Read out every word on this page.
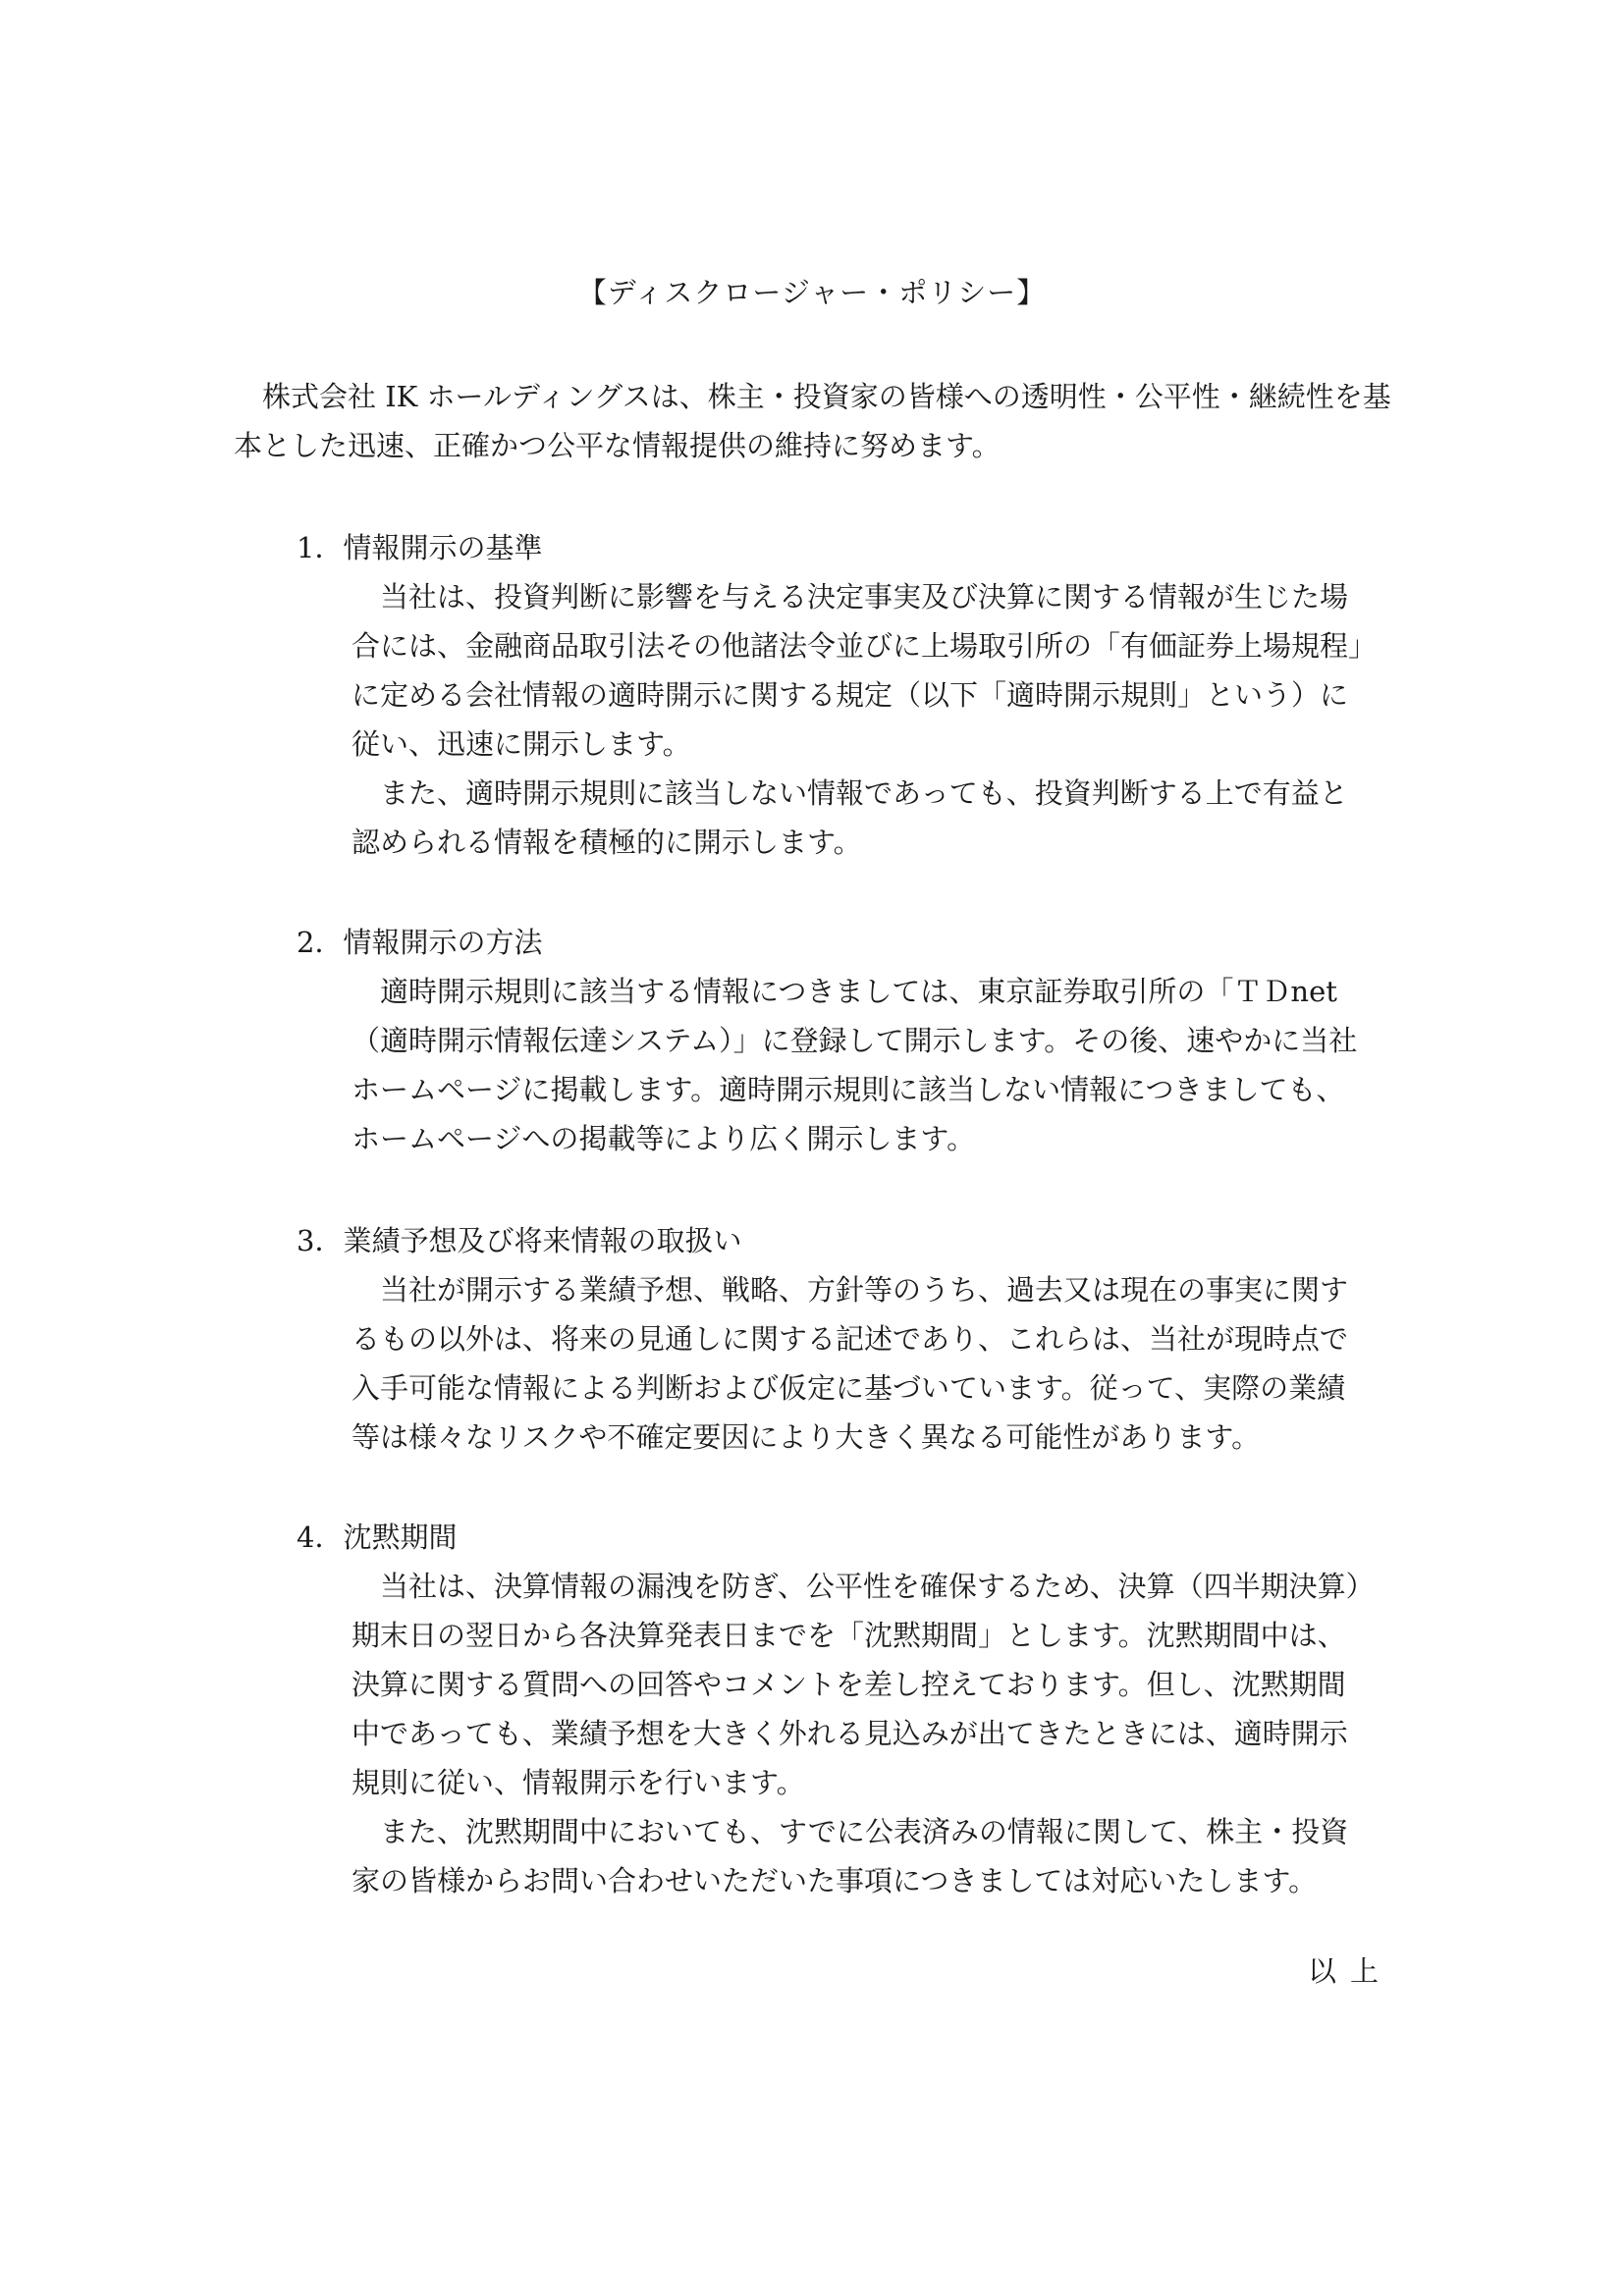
【ディスクロージャー・ポリシー】

　株式会社 IK ホールディングスは、株主・投資家の皆様への透明性・公平性・継続性を基

本とした迅速、正確かつ公平な情報提供の維持に努めます。

1．情報開示の基準

　当社は、投資判断に影響を与える決定事実及び決算に関する情報が生じた場

合には、金融商品取引法その他諸法令並びに上場取引所の「有価証券上場規程」

に定める会社情報の適時開示に関する規定（以下「適時開示規則」という）に

従い、迅速に開示します。

　また、適時開示規則に該当しない情報であっても、投資判断する上で有益と

認められる情報を積極的に開示します。

2．情報開示の方法

　適時開示規則に該当する情報につきましては、東京証券取引所の「ＴＤnet

（適時開示情報伝達システム）」に登録して開示します。その後、速やかに当社

ホームページに掲載します。適時開示規則に該当しない情報につきましても、

ホームページへの掲載等により広く開示します。

3．業績予想及び将来情報の取扱い

　当社が開示する業績予想、戦略、方針等のうち、過去又は現在の事実に関す

るもの以外は、将来の見通しに関する記述であり、これらは、当社が現時点で

入手可能な情報による判断および仮定に基づいています。従って、実際の業績

等は様々なリスクや不確定要因により大きく異なる可能性があります。

4．沈黙期間

　当社は、決算情報の漏洩を防ぎ、公平性を確保するため、決算（四半期決算）

期末日の翌日から各決算発表日までを「沈黙期間」とします。沈黙期間中は、

決算に関する質問への回答やコメントを差し控えております。但し、沈黙期間

中であっても、業績予想を大きく外れる見込みが出てきたときには、適時開示

規則に従い、情報開示を行います。

　また、沈黙期間中においても、すでに公表済みの情報に関して、株主・投資

家の皆様からお問い合わせいただいた事項につきましては対応いたします。

以上
